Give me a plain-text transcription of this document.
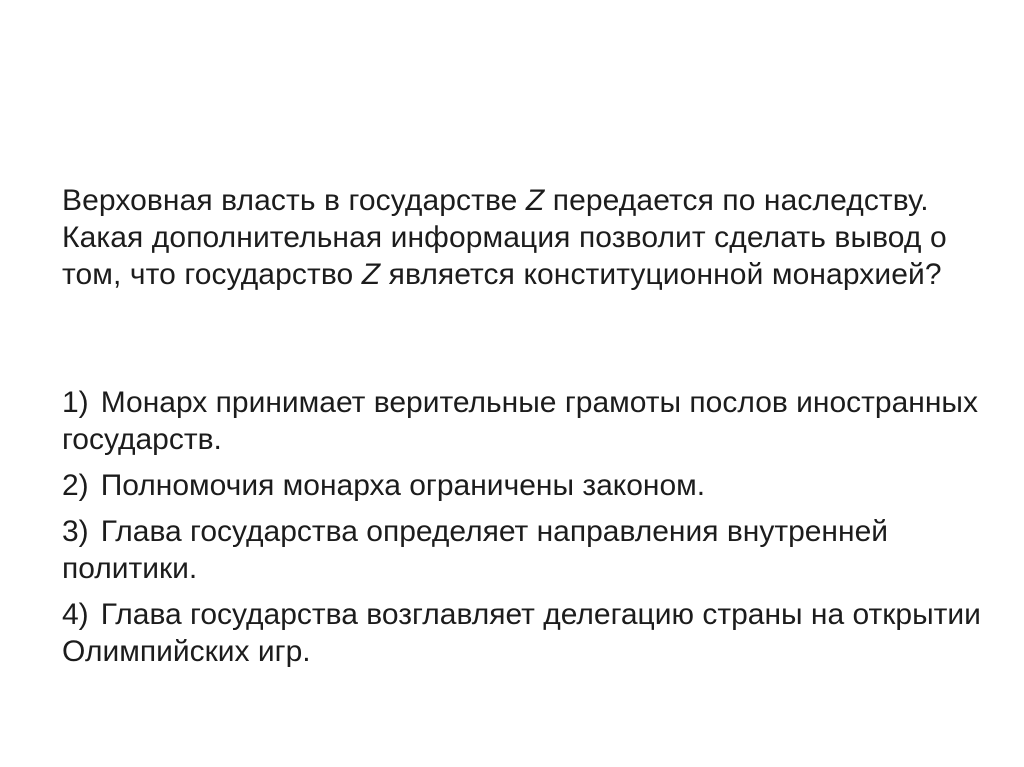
Верховная власть в государстве Z передается по наследству. Какая дополнительная информация позволит сделать вывод о том, что государство Z является конституционной монархией?
1) Монарх принимает верительные грамоты послов иностранных государств.
2) Полномочия монарха ограничены законом.
3) Глава государства определяет направления внутренней политики.
4) Глава государства возглавляет делегацию страны на открытии Олимпийских игр.
